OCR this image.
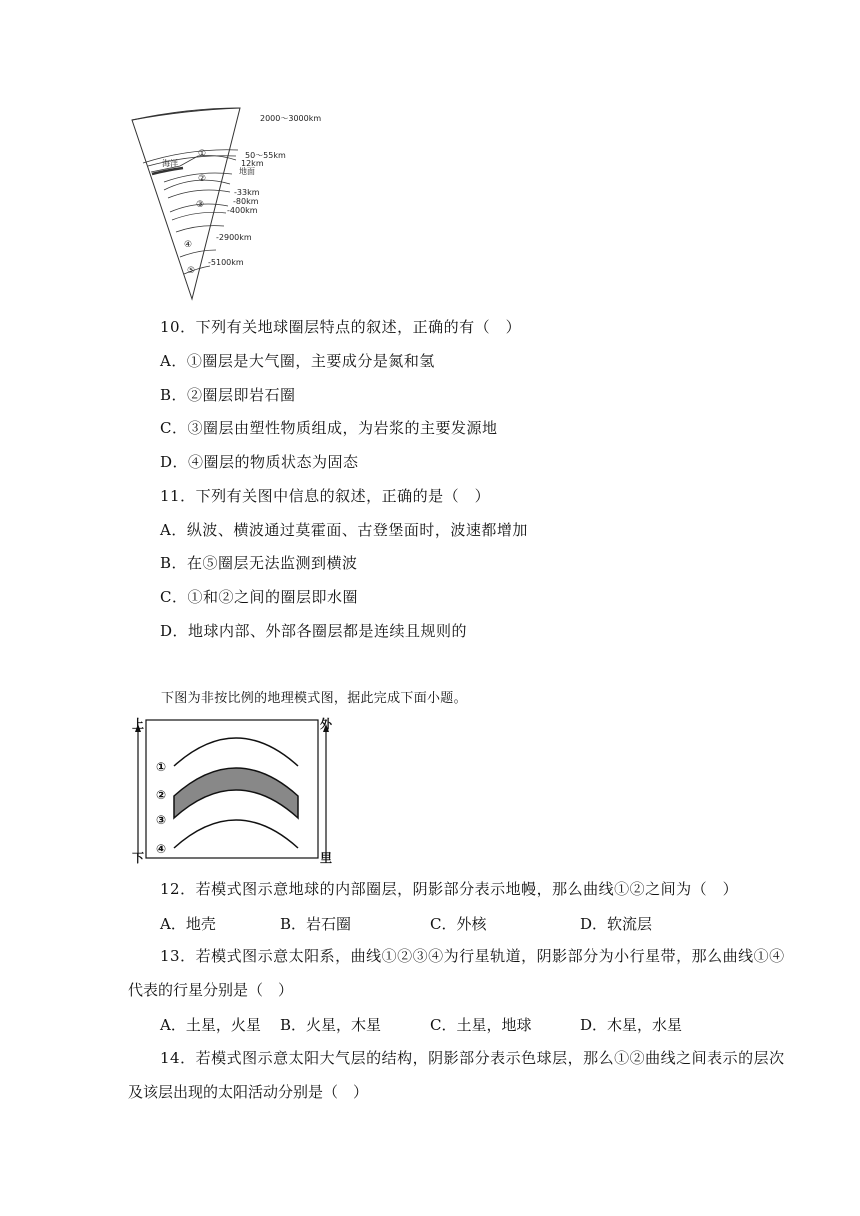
①
②
③
④
⑤
海洋
2000～3000km
50～55km
12km
地面
-33km
-80km
-400km
-2900km
-5100km
10．下列有关地球圈层特点的叙述，正确的有（　）
A．①圈层是大气圈，主要成分是氮和氢
B．②圈层即岩石圈
C．③圈层由塑性物质组成，为岩浆的主要发源地
D．④圈层的物质状态为固态
11．下列有关图中信息的叙述，正确的是（　）
A．纵波、横波通过莫霍面、古登堡面时，波速都增加
B．在⑤圈层无法监测到横波
C．①和②之间的圈层即水圈
D．地球内部、外部各圈层都是连续且规则的
下图为非按比例的地理模式图，据此完成下面小题。
上
下
外
里
①
②
③
④
12．若模式图示意地球的内部圈层，阴影部分表示地幔，那么曲线①②之间为（　）
A．地壳	B．岩石圈	C．外核	D．软流层
13．若模式图示意太阳系，曲线①②③④为行星轨道，阴影部分为小行星带，那么曲线①④
代表的行星分别是（　）
A．土星，火星 B．火星，木星	C．土星，地球	D．木星，水星
14．若模式图示意太阳大气层的结构，阴影部分表示色球层，那么①②曲线之间表示的层次
及该层出现的太阳活动分别是（　）
